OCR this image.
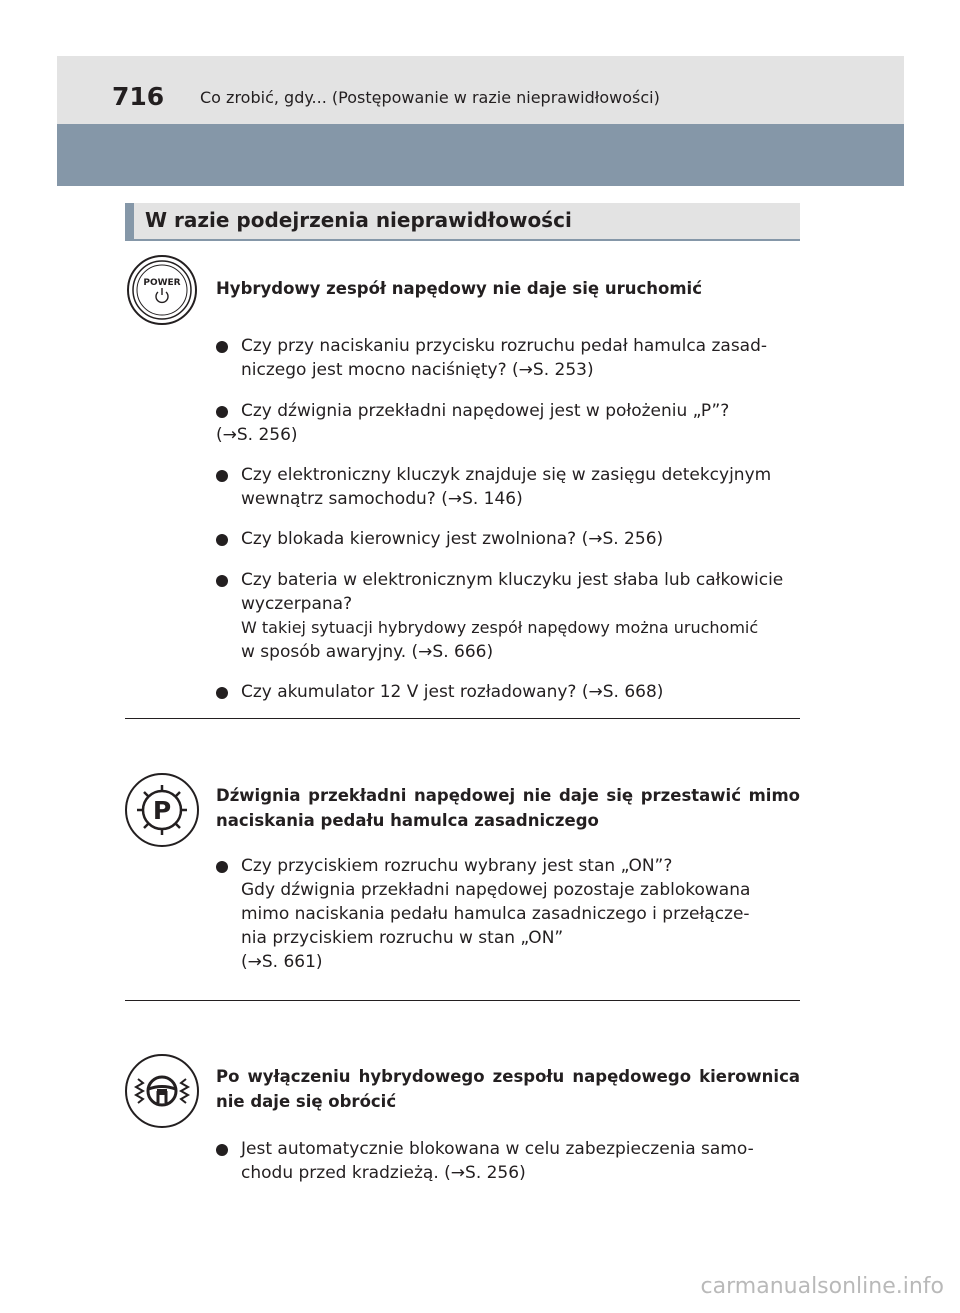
716 Co zrobić, gdy... (Postępowanie w razie nieprawidłowości)
W razie podejrzenia nieprawidłowości
POWER Hybrydowy zespół napędowy nie daje się uruchomić
Czy przy naciskaniu przycisku rozruchu pedał hamulca zasad-
niczego jest mocno naciśnięty? (→S. 253)
Czy dźwignia przekładni napędowej jest w położeniu „P”?
(→S. 256)
Czy elektroniczny kluczyk znajduje się w zasięgu detekcyjnym
wewnątrz samochodu? (→S. 146)
Czy blokada kierownicy jest zwolniona? (→S. 256)
Czy bateria w elektronicznym kluczyku jest słaba lub całkowicie
wyczerpana?
W takiej sytuacji hybrydowy zespół napędowy można uruchomić
w sposób awaryjny. (→S. 666)
Czy akumulator 12 V jest rozładowany? (→S. 668)
P
Dźwignia przekładni napędowej nie daje się przestawić mimo naciskania pedału hamulca zasadniczego
Czy przyciskiem rozruchu wybrany jest stan „ON”?
Gdy dźwignia przekładni napędowej pozostaje zablokowana
mimo naciskania pedału hamulca zasadniczego i przełącze-
nia przyciskiem rozruchu w stan „ON”
(→S. 661)
Po wyłączeniu hybrydowego zespołu napędowego kierownica nie daje się obrócić
Jest automatycznie blokowana w celu zabezpieczenia samo-
chodu przed kradzieżą. (→S. 256)
carmanualsonline.info
